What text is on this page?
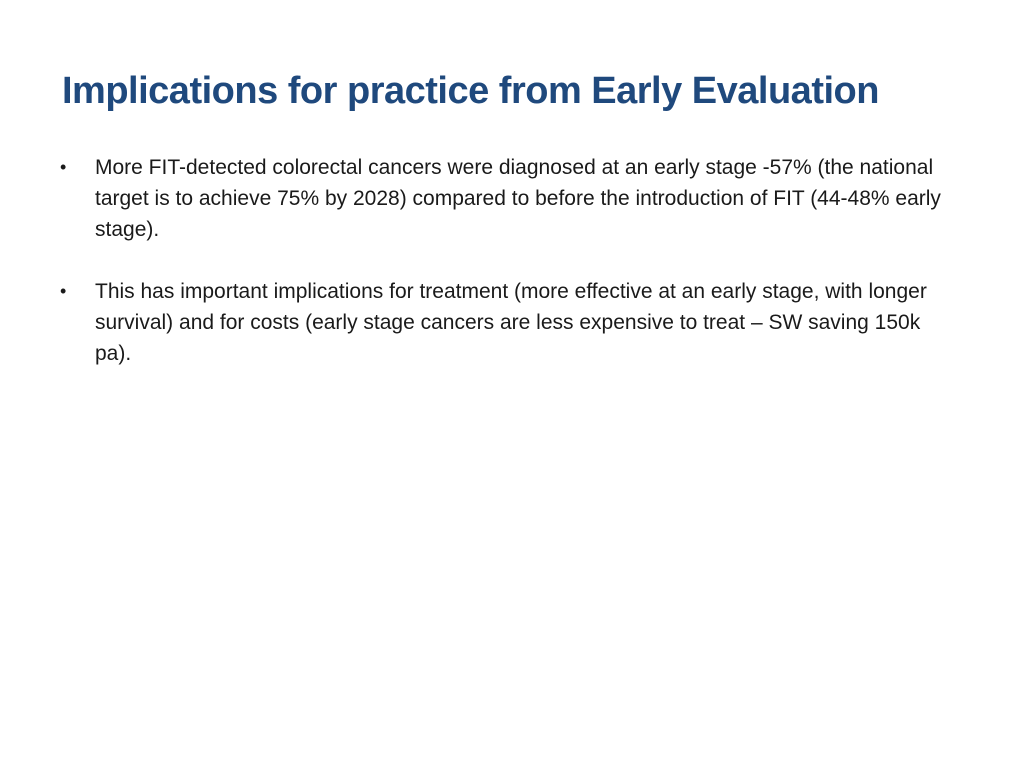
Implications for practice from Early Evaluation
• More FIT-detected colorectal cancers were diagnosed at an early stage -57% (the national target is to achieve 75% by 2028) compared to before the introduction of FIT (44-48% early stage).
• This has important implications for treatment (more effective at an early stage, with longer survival) and for costs (early stage cancers are less expensive to treat – SW saving 150k pa).
